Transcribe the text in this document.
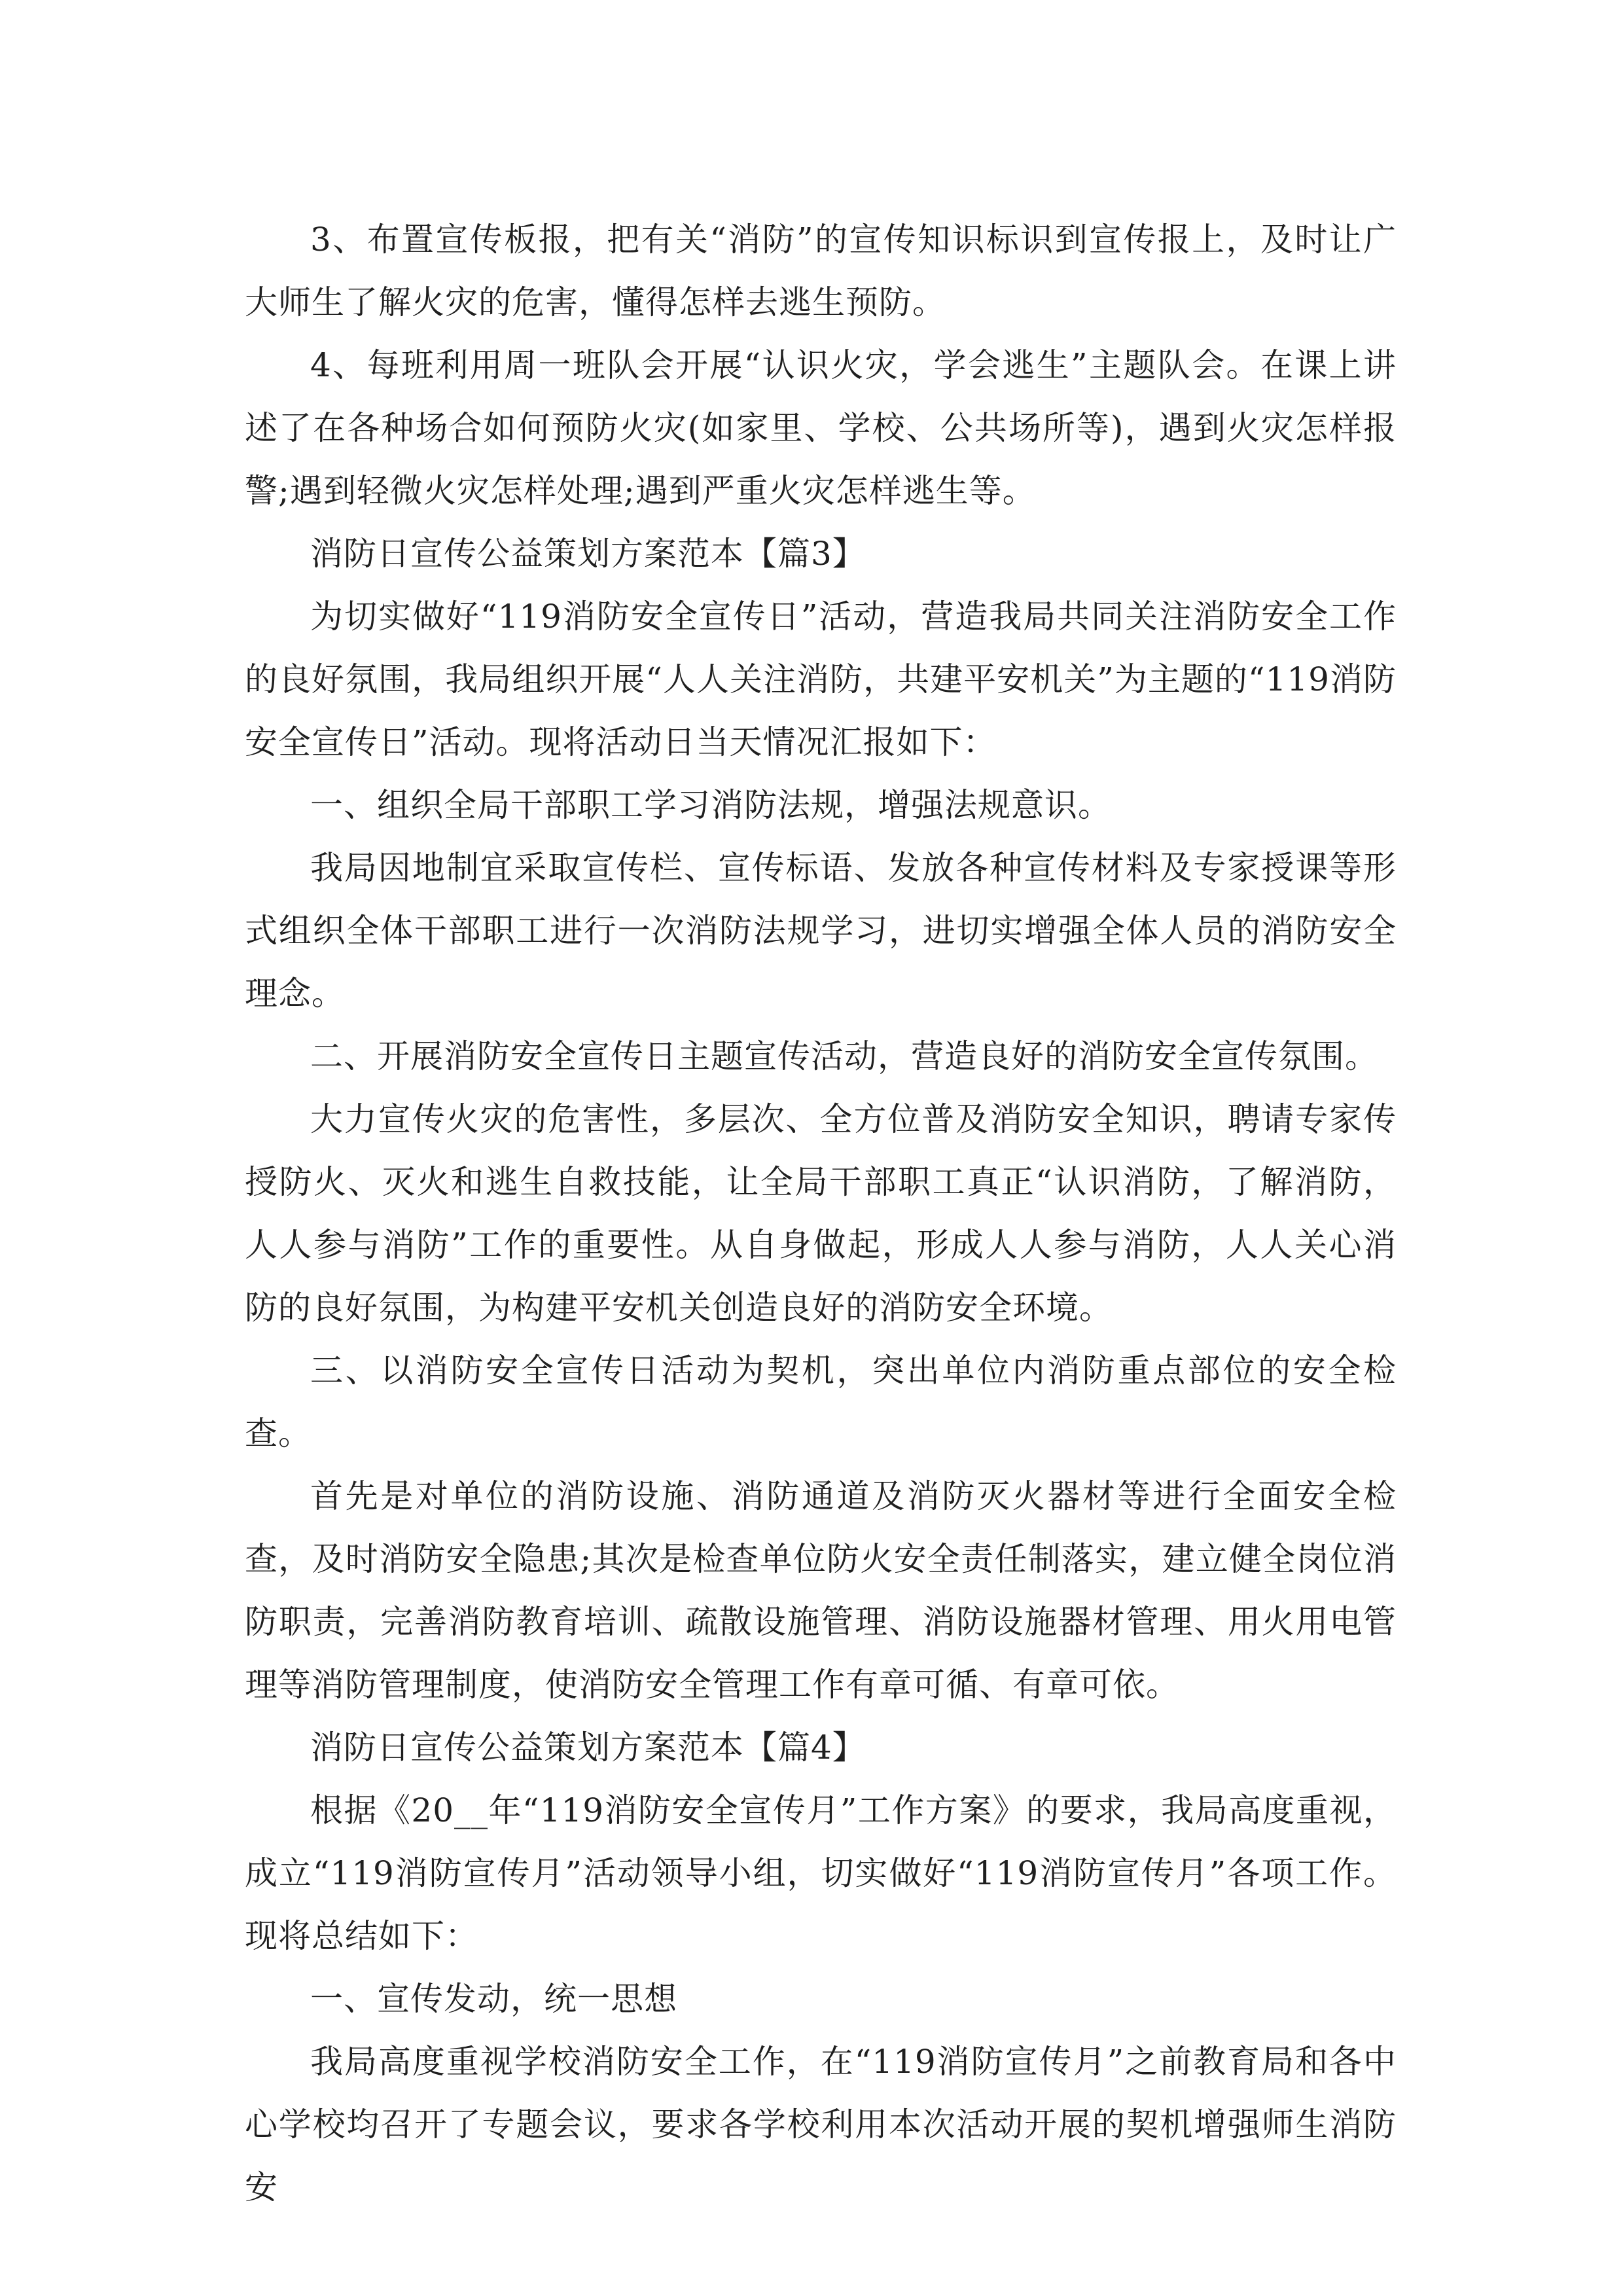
3、布置宣传板报，把有关“消防”的宣传知识标识到宣传报上，及时让广大师生了解火灾的危害，懂得怎样去逃生预防。

4、每班利用周一班队会开展“认识火灾，学会逃生”主题队会。在课上讲述了在各种场合如何预防火灾(如家里、学校、公共场所等)，遇到火灾怎样报警;遇到轻微火灾怎样处理;遇到严重火灾怎样逃生等。

消防日宣传公益策划方案范本【篇3】

为切实做好“119消防安全宣传日”活动，营造我局共同关注消防安全工作的良好氛围，我局组织开展“人人关注消防，共建平安机关”为主题的“119消防安全宣传日”活动。现将活动日当天情况汇报如下：

一、组织全局干部职工学习消防法规，增强法规意识。

我局因地制宜采取宣传栏、宣传标语、发放各种宣传材料及专家授课等形式组织全体干部职工进行一次消防法规学习，进切实增强全体人员的消防安全理念。

二、开展消防安全宣传日主题宣传活动，营造良好的消防安全宣传氛围。

大力宣传火灾的危害性，多层次、全方位普及消防安全知识，聘请专家传授防火、灭火和逃生自救技能，让全局干部职工真正“认识消防，了解消防，人人参与消防”工作的重要性。从自身做起，形成人人参与消防，人人关心消防的良好氛围，为构建平安机关创造良好的消防安全环境。

三、以消防安全宣传日活动为契机，突出单位内消防重点部位的安全检查。

首先是对单位的消防设施、消防通道及消防灭火器材等进行全面安全检查，及时消防安全隐患;其次是检查单位防火安全责任制落实，建立健全岗位消防职责，完善消防教育培训、疏散设施管理、消防设施器材管理、用火用电管理等消防管理制度，使消防安全管理工作有章可循、有章可依。

消防日宣传公益策划方案范本【篇4】

根据《20__年“119消防安全宣传月”工作方案》的要求，我局高度重视，成立“119消防宣传月”活动领导小组，切实做好“119消防宣传月”各项工作。现将总结如下：

一、宣传发动，统一思想

我局高度重视学校消防安全工作，在“119消防宣传月”之前教育局和各中心学校均召开了专题会议，要求各学校利用本次活动开展的契机增强师生消防安
